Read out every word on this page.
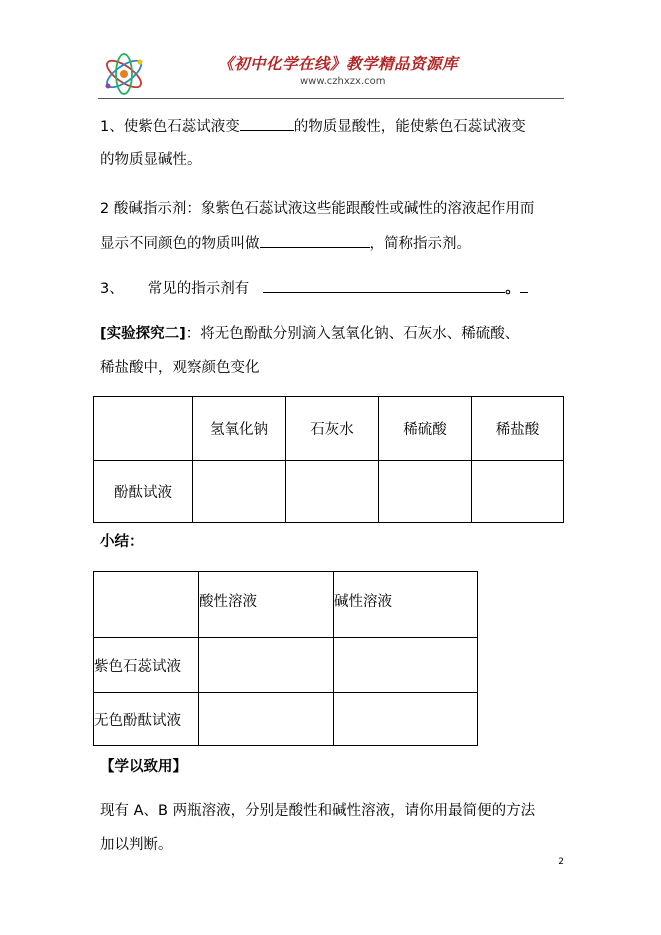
《初中化学在线》教学精品资源库
www.czhxzx.com
1、使紫色石蕊试液变	的物质显酸性，能使紫色石蕊试液变
的物质显碱性。
2 酸碱指示剂：象紫色石蕊试液这些能跟酸性或碱性的溶液起作用而
显示不同颜色的物质叫做	，简称指示剂。
3、 常见的指示剂有	。
[实验探究二]：将无色酚酞分别滴入氢氧化钠、石灰水、稀硫酸、
稀盐酸中，观察颜色变化
	氢氧化钠	石灰水	稀硫酸	稀盐酸
酚酞试液				
小结：
	酸性溶液	碱性溶液
紫色石蕊试液		
无色酚酞试液		
【学以致用】
现有 A、B 两瓶溶液，分别是酸性和碱性溶液，请你用最简便的方法
加以判断。
2
